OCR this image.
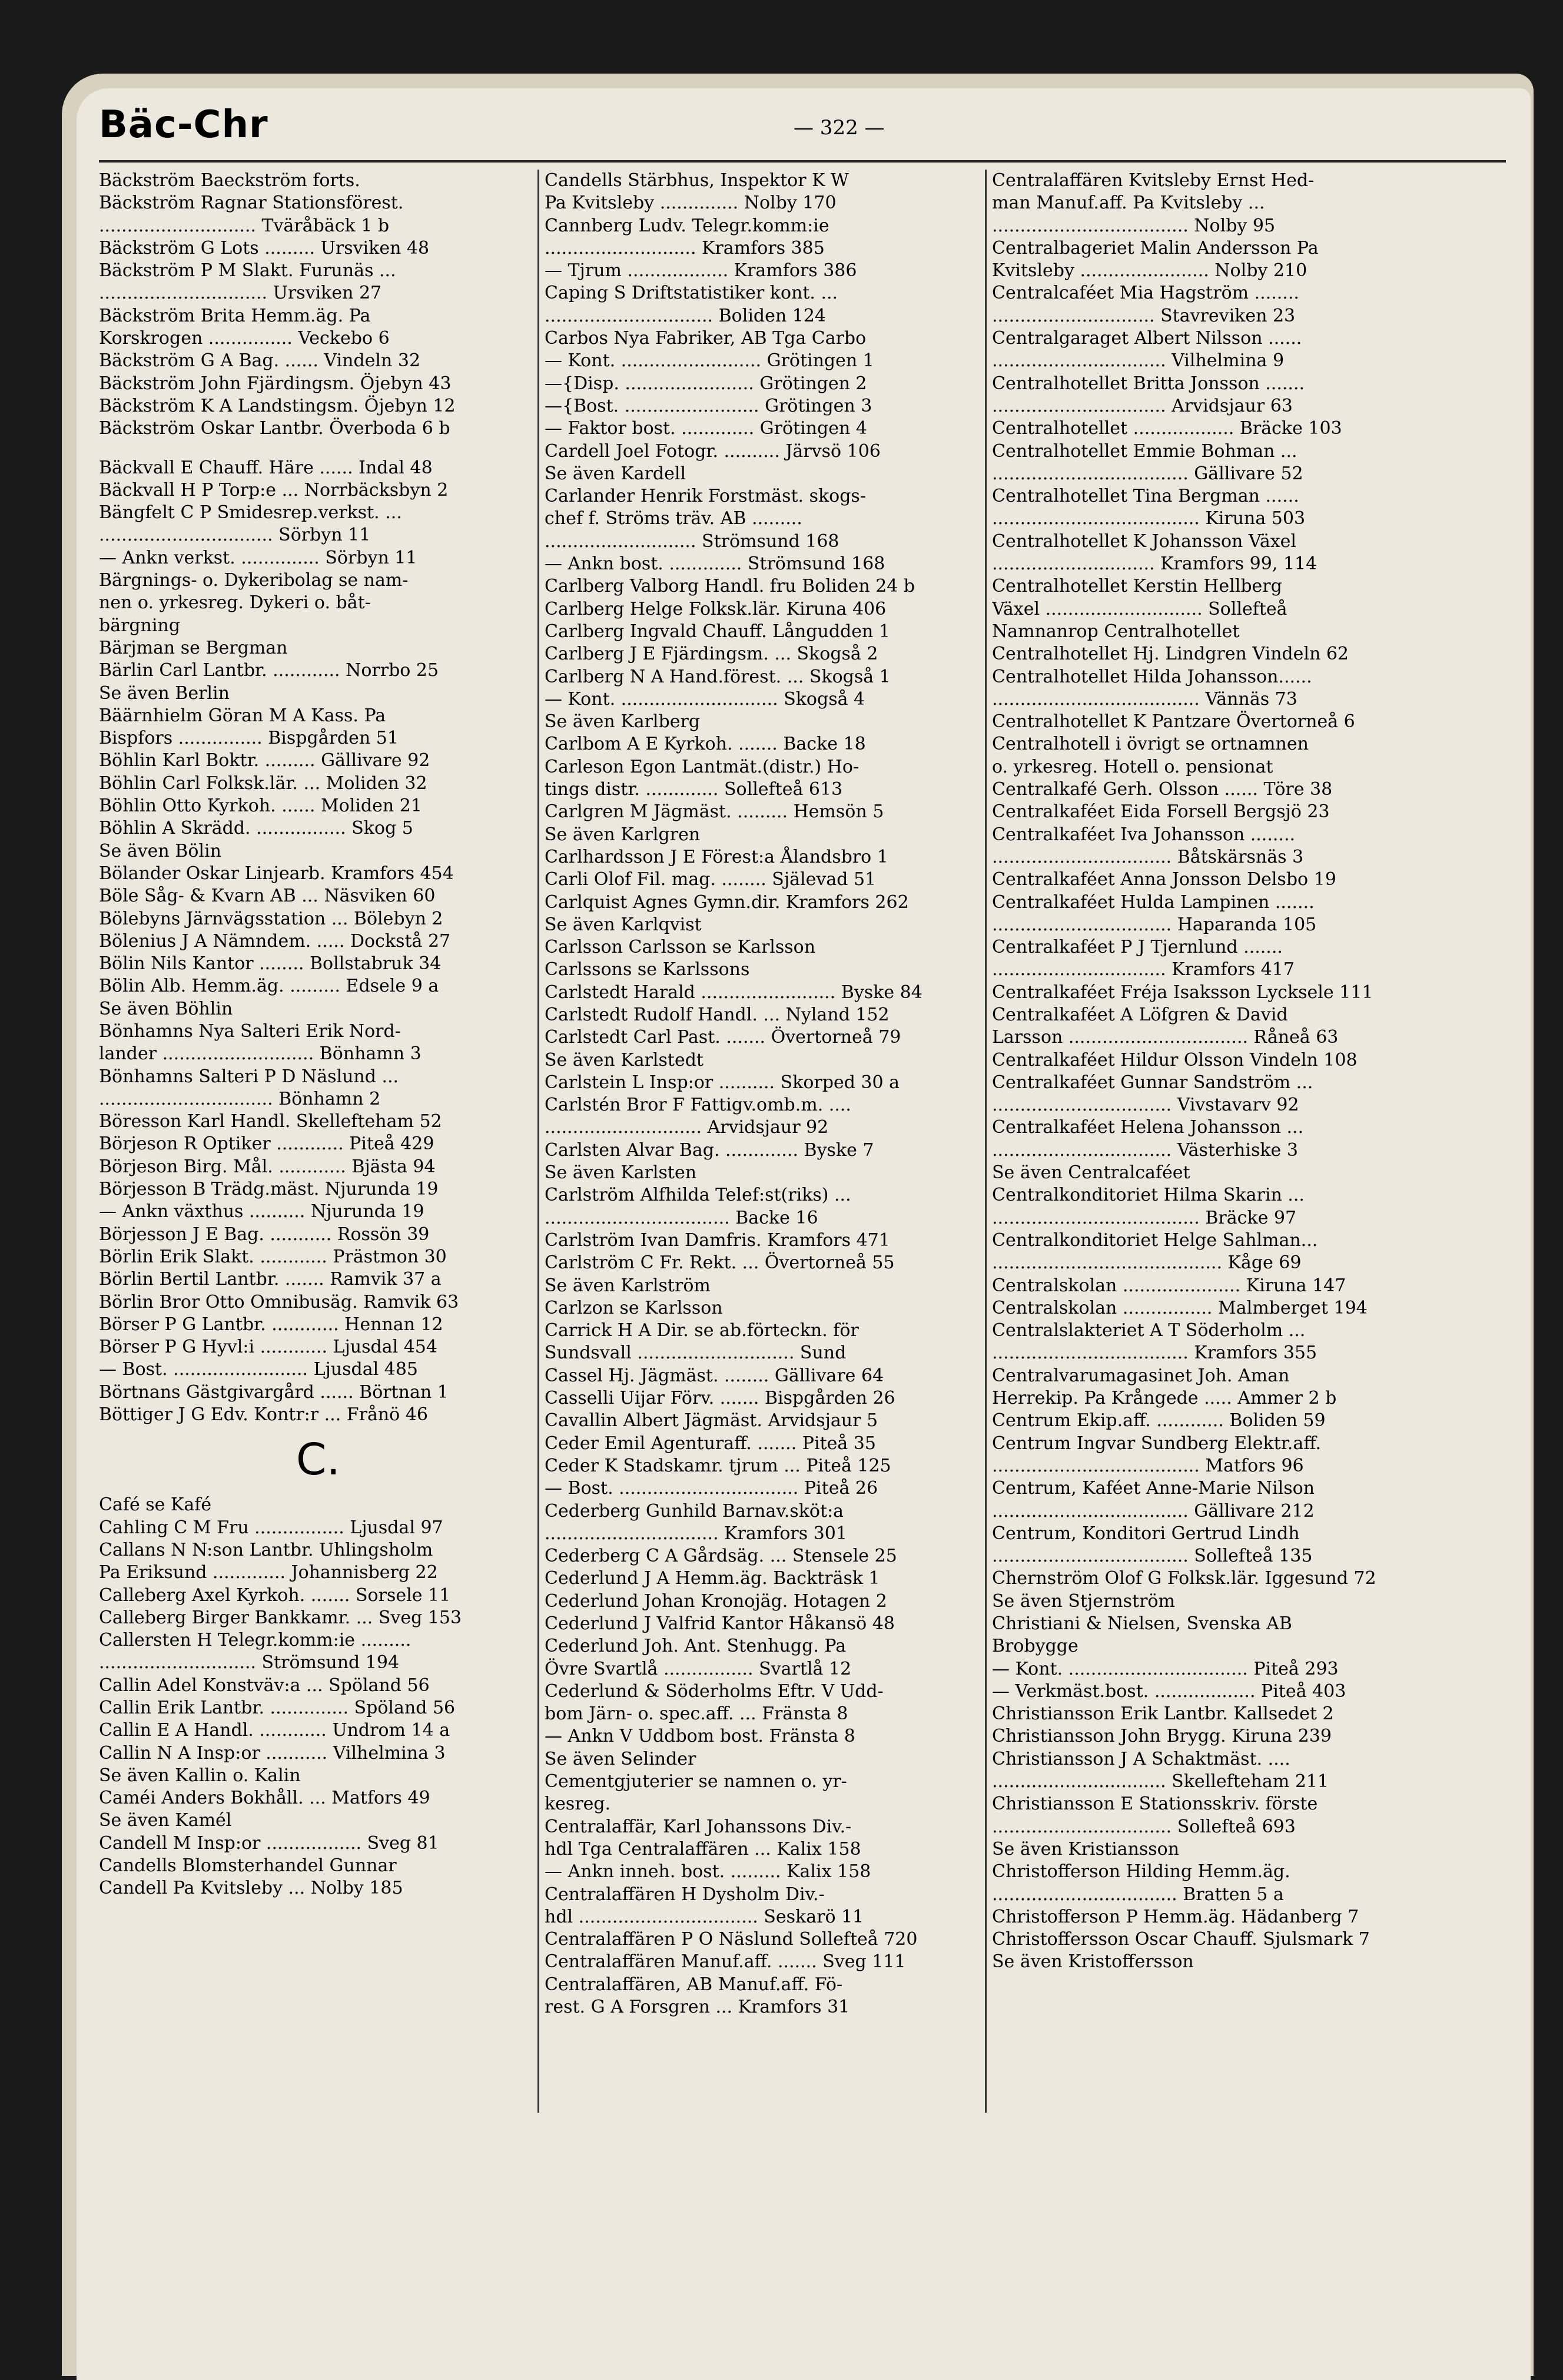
Bäc-Chr	— 322 —
Bäckström Baeckström forts.
Bäckström Ragnar Stationsförest.
............................ Tväråbäck 1 b
Bäckström G Lots ......... Ursviken 48
Bäckström P M Slakt. Furunäs ...
.............................. Ursviken 27
Bäckström Brita Hemm.äg. Pa
Korskrogen ............... Veckebo 6
Bäckström G A Bag. ...... Vindeln 32
Bäckström John Fjärdingsm. Öjebyn 43
Bäckström K A Landstingsm. Öjebyn 12
Bäckström Oskar Lantbr. Överboda 6 b
Bäckvall E Chauff. Häre ...... Indal 48
Bäckvall H P Torp:e ... Norrbäcksbyn 2
Bängfelt C P Smidesrep.verkst. ...
............................... Sörbyn 11
— Ankn verkst. .............. Sörbyn 11
Bärgnings- o. Dykeribolag se nam-
nen o. yrkesreg. Dykeri o. båt-
bärgning
Bärjman se Bergman
Bärlin Carl Lantbr. ............ Norrbo 25
Se även Berlin
Bäärnhielm Göran M A Kass. Pa
Bispfors ............... Bispgården 51
Böhlin Karl Boktr. ......... Gällivare 92
Böhlin Carl Folksk.lär. ... Moliden 32
Böhlin Otto Kyrkoh. ...... Moliden 21
Böhlin A Skrädd. ................ Skog 5
Se även Bölin
Bölander Oskar Linjearb. Kramfors 454
Böle Såg- & Kvarn AB ... Näsviken 60
Bölebyns Järnvägsstation ... Bölebyn 2
Bölenius J A Nämndem. ..... Dockstå 27
Bölin Nils Kantor ........ Bollstabruk 34
Bölin Alb. Hemm.äg. ......... Edsele 9 a
Se även Böhlin
Bönhamns Nya Salteri Erik Nord-
lander ........................... Bönhamn 3
Bönhamns Salteri P D Näslund ...
............................... Bönhamn 2
Böresson Karl Handl. Skellefteham 52
Börjeson R Optiker ............ Piteå 429
Börjeson Birg. Mål. ............ Bjästa 94
Börjesson B Trädg.mäst. Njurunda 19
— Ankn växthus .......... Njurunda 19
Börjesson J E Bag. ........... Rossön 39
Börlin Erik Slakt. ............ Prästmon 30
Börlin Bertil Lantbr. ....... Ramvik 37 a
Börlin Bror Otto Omnibusäg. Ramvik 63
Börser P G Lantbr. ............ Hennan 12
Börser P G Hyvl:i ............ Ljusdal 454
— Bost. ........................ Ljusdal 485
Börtnans Gästgivargård ...... Börtnan 1
Böttiger J G Edv. Kontr:r ... Frånö 46
C.
Café se Kafé
Cahling C M Fru ................ Ljusdal 97
Callans N N:son Lantbr. Uhlingsholm
Pa Eriksund ............. Johannisberg 22
Calleberg Axel Kyrkoh. ....... Sorsele 11
Calleberg Birger Bankkamr. ... Sveg 153
Callersten H Telegr.komm:ie .........
............................ Strömsund 194
Callin Adel Konstväv:a ... Spöland 56
Callin Erik Lantbr. .............. Spöland 56
Callin E A Handl. ............ Undrom 14 a
Callin N A Insp:or ........... Vilhelmina 3
Se även Kallin o. Kalin
Caméi Anders Bokhåll. ... Matfors 49
Se även Kamél
Candell M Insp:or ................. Sveg 81
Candells Blomsterhandel Gunnar
Candell Pa Kvitsleby ... Nolby 185
Candells Stärbhus, Inspektor K W
Pa Kvitsleby .............. Nolby 170
Cannberg Ludv. Telegr.komm:ie
........................... Kramfors 385
— Tjrum .................. Kramfors 386
Caping S Driftstatistiker kont. ...
.............................. Boliden 124
Carbos Nya Fabriker, AB Tga Carbo
— Kont. ......................... Grötingen 1
—{Disp. ....................... Grötingen 2
—{Bost. ........................ Grötingen 3
— Faktor bost. ............. Grötingen 4
Cardell Joel Fotogr. .......... Järvsö 106
Se även Kardell
Carlander Henrik Forstmäst. skogs-
chef f. Ströms träv. AB .........
........................... Strömsund 168
— Ankn bost. ............. Strömsund 168
Carlberg Valborg Handl. fru Boliden 24 b
Carlberg Helge Folksk.lär. Kiruna 406
Carlberg Ingvald Chauff. Långudden 1
Carlberg J E Fjärdingsm. ... Skogså 2
Carlberg N A Hand.förest. ... Skogså 1
— Kont. ............................ Skogså 4
Se även Karlberg
Carlbom A E Kyrkoh. ....... Backe 18
Carleson Egon Lantmät.(distr.) Ho-
tings distr. ............. Sollefteå 613
Carlgren M Jägmäst. ......... Hemsön 5
Se även Karlgren
Carlhardsson J E Förest:a Ålandsbro 1
Carli Olof Fil. mag. ........ Själevad 51
Carlquist Agnes Gymn.dir. Kramfors 262
Se även Karlqvist
Carlsson Carlsson se Karlsson
Carlssons se Karlssons
Carlstedt Harald ........................ Byske 84
Carlstedt Rudolf Handl. ... Nyland 152
Carlstedt Carl Past. ....... Övertorneå 79
Se även Karlstedt
Carlstein L Insp:or .......... Skorped 30 a
Carlstén Bror F Fattigv.omb.m. ....
............................ Arvidsjaur 92
Carlsten Alvar Bag. ............. Byske 7
Se även Karlsten
Carlström Alfhilda Telef:st(riks) ...
................................. Backe 16
Carlström Ivan Damfris. Kramfors 471
Carlström C Fr. Rekt. ... Övertorneå 55
Se även Karlström
Carlzon se Karlsson
Carrick H A Dir. se ab.förteckn. för
Sundsvall ............................ Sund
Cassel Hj. Jägmäst. ........ Gällivare 64
Casselli Uijar Förv. ....... Bispgården 26
Cavallin Albert Jägmäst. Arvidsjaur 5
Ceder Emil Agenturaff. ....... Piteå 35
Ceder K Stadskamr. tjrum ... Piteå 125
— Bost. ................................ Piteå 26
Cederberg Gunhild Barnav.sköt:a
............................... Kramfors 301
Cederberg C A Gårdsäg. ... Stensele 25
Cederlund J A Hemm.äg. Backträsk 1
Cederlund Johan Kronojäg. Hotagen 2
Cederlund J Valfrid Kantor Håkansö 48
Cederlund Joh. Ant. Stenhugg. Pa
Övre Svartlå ................ Svartlå 12
Cederlund & Söderholms Eftr. V Udd-
bom Järn- o. spec.aff. ... Fränsta 8
— Ankn V Uddbom bost. Fränsta 8
Se även Selinder
Cementgjuterier se namnen o. yr-
kesreg.
Centralaffär, Karl Johanssons Div.-
hdl Tga Centralaffären ... Kalix 158
— Ankn inneh. bost. ......... Kalix 158
Centralaffären H Dysholm Div.-
hdl ................................ Seskarö 11
Centralaffären P O Näslund Sollefteå 720
Centralaffären Manuf.aff. ....... Sveg 111
Centralaffären, AB Manuf.aff. Fö-
rest. G A Forsgren ... Kramfors 31
Centralaffären Kvitsleby Ernst Hed-
man Manuf.aff. Pa Kvitsleby ...
................................... Nolby 95
Centralbageriet Malin Andersson Pa
Kvitsleby ....................... Nolby 210
Centralcaféet Mia Hagström ........
............................. Stavreviken 23
Centralgaraget Albert Nilsson ......
............................... Vilhelmina 9
Centralhotellet Britta Jonsson .......
............................... Arvidsjaur 63
Centralhotellet .................. Bräcke 103
Centralhotellet Emmie Bohman ...
................................... Gällivare 52
Centralhotellet Tina Bergman ......
..................................... Kiruna 503
Centralhotellet K Johansson Växel
............................. Kramfors 99, 114
Centralhotellet Kerstin Hellberg
Växel ............................ Sollefteå
Namnanrop Centralhotellet
Centralhotellet Hj. Lindgren Vindeln 62
Centralhotellet Hilda Johansson......
..................................... Vännäs 73
Centralhotellet K Pantzare Övertorneå 6
Centralhotell i övrigt se ortnamnen
o. yrkesreg. Hotell o. pensionat
Centralkafé Gerh. Olsson ...... Töre 38
Centralkaféet Eida Forsell Bergsjö 23
Centralkaféet Iva Johansson ........
................................ Båtskärsnäs 3
Centralkaféet Anna Jonsson Delsbo 19
Centralkaféet Hulda Lampinen .......
................................ Haparanda 105
Centralkaféet P J Tjernlund .......
............................... Kramfors 417
Centralkaféet Fréja Isaksson Lycksele 111
Centralkaféet A Löfgren & David
Larsson ................................ Råneå 63
Centralkaféet Hildur Olsson Vindeln 108
Centralkaféet Gunnar Sandström ...
................................ Vivstavarv 92
Centralkaféet Helena Johansson ...
................................ Västerhiske 3
Se även Centralcaféet
Centralkonditoriet Hilma Skarin ...
..................................... Bräcke 97
Centralkonditoriet Helge Sahlman...
......................................... Kåge 69
Centralskolan ..................... Kiruna 147
Centralskolan ................ Malmberget 194
Centralslakteriet A T Söderholm ...
................................... Kramfors 355
Centralvarumagasinet Joh. Aman
Herrekip. Pa Krångede ..... Ammer 2 b
Centrum Ekip.aff. ............ Boliden 59
Centrum Ingvar Sundberg Elektr.aff.
..................................... Matfors 96
Centrum, Kaféet Anne-Marie Nilson
................................... Gällivare 212
Centrum, Konditori Gertrud Lindh
................................... Sollefteå 135
Chernström Olof G Folksk.lär. Iggesund 72
Se även Stjernström
Christiani & Nielsen, Svenska AB
Brobygge
— Kont. ................................ Piteå 293
— Verkmäst.bost. .................. Piteå 403
Christiansson Erik Lantbr. Kallsedet 2
Christiansson John Brygg. Kiruna 239
Christiansson J A Schaktmäst. ....
............................... Skellefteham 211
Christiansson E Stationsskriv. förste
................................ Sollefteå 693
Se även Kristiansson
Christofferson Hilding Hemm.äg.
................................. Bratten 5 a
Christofferson P Hemm.äg. Hädanberg 7
Christoffersson Oscar Chauff. Sjulsmark 7
Se även Kristoffersson
